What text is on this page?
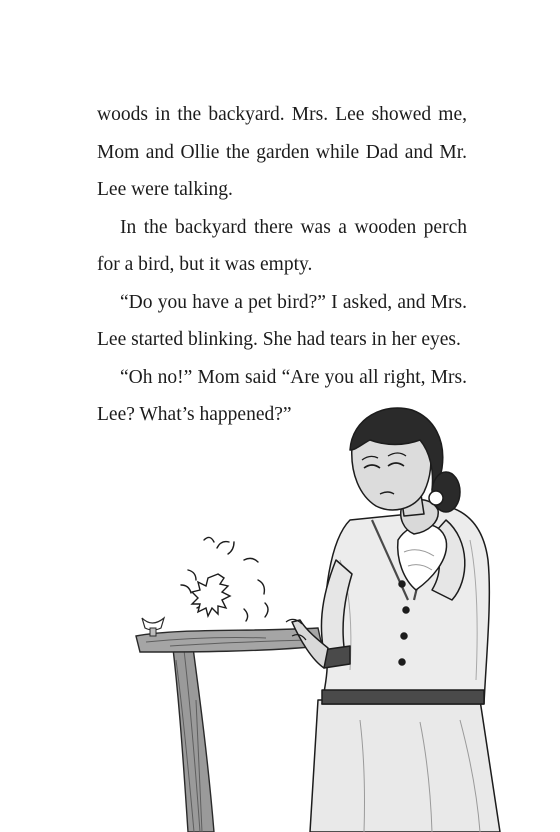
woods in the backyard. Mrs. Lee showed me, Mom and Ollie the garden while Dad and Mr. Lee were talking.

In the backyard there was a wooden perch for a bird, but it was empty.

“Do you have a pet bird?” I asked, and Mrs. Lee started blinking. She had tears in her eyes.

“Oh no!” Mom said “Are you all right, Mrs. Lee? What’s happened?”
